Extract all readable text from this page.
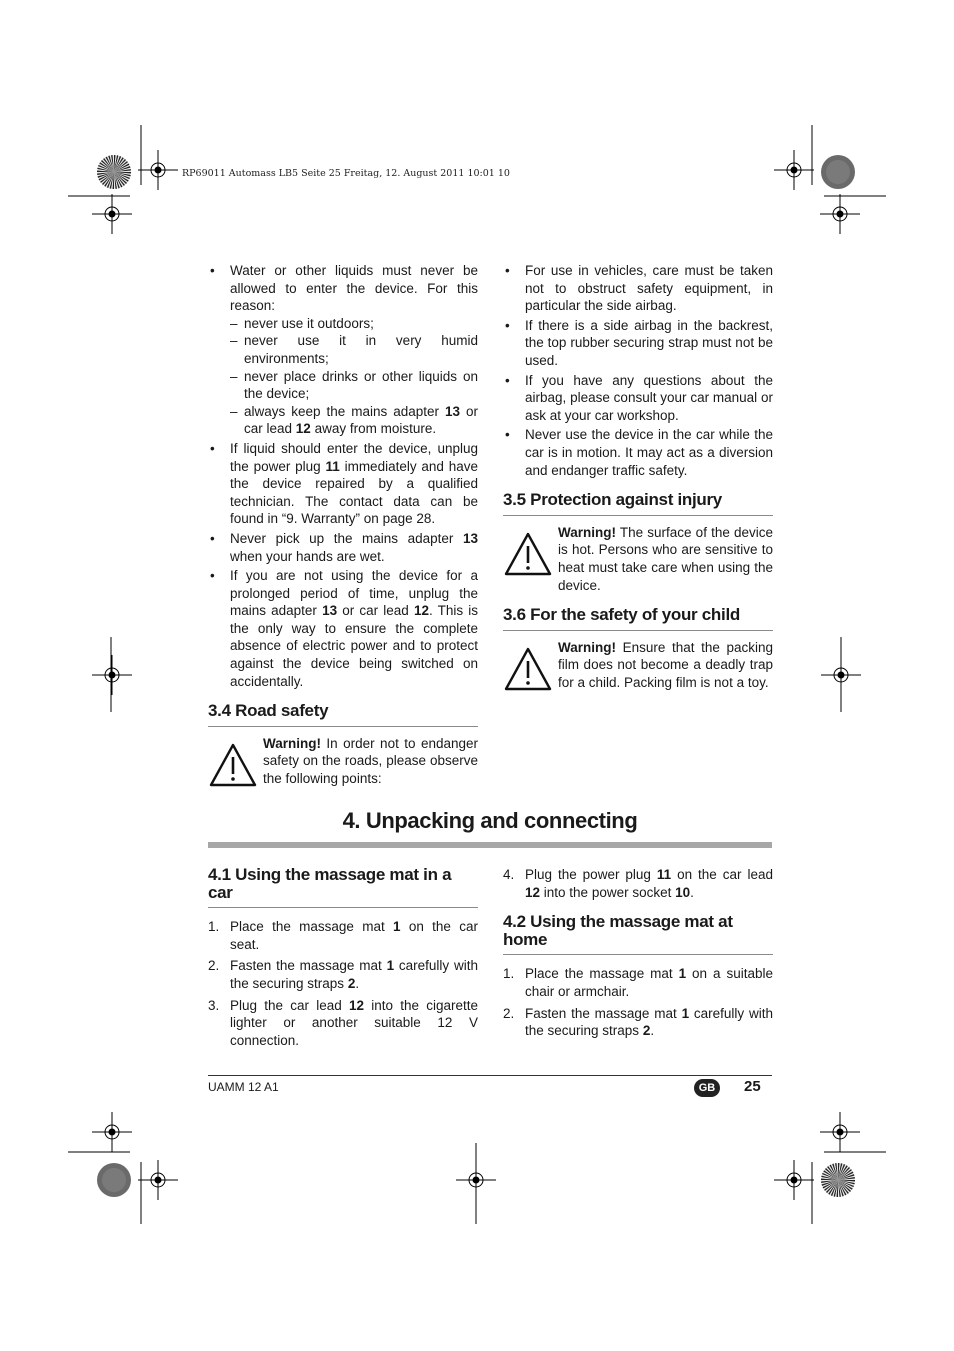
RP69011 Automass LB5 Seite 25 Freitag, 12. August 2011 10:01 10
• Water or other liquids must never be allowed to enter the device. For this reason:
– never use it outdoors;
– never use it in very humid environments;
– never place drinks or other liquids on the device;
– always keep the mains adapter 13 or car lead 12 away from moisture.
• If liquid should enter the device, unplug the power plug 11 immediately and have the device repaired by a qualified technician. The contact data can be found in “9. Warranty” on page 28.
• Never pick up the mains adapter 13 when your hands are wet.
• If you are not using the device for a prolonged period of time, unplug the mains adapter 13 or car lead 12. This is the only way to ensure the complete absence of electric power and to protect against the device being switched on accidentally.
3.4 Road safety
Warning! In order not to endanger safety on the roads, please observe the following points:
• For use in vehicles, care must be taken not to obstruct safety equipment, in particular the side airbag.
• If there is a side airbag in the backrest, the top rubber securing strap must not be used.
• If you have any questions about the airbag, please consult your car manual or ask at your car workshop.
• Never use the device in the car while the car is in motion. It may act as a diversion and endanger traffic safety.
3.5 Protection against injury
Warning! The surface of the device is hot. Persons who are sensitive to heat must take care when using the device.
3.6 For the safety of your child
Warning! Ensure that the packing film does not become a deadly trap for a child. Packing film is not a toy.
4. Unpacking and connecting
4.1 Using the massage mat in a car
1. Place the massage mat 1 on the car seat.
2. Fasten the massage mat 1 carefully with the securing straps 2.
3. Plug the car lead 12 into the cigarette lighter or another suitable 12 V connection.
4. Plug the power plug 11 on the car lead 12 into the power socket 10.
4.2 Using the massage mat at home
1. Place the massage mat 1 on a suitable chair or armchair.
2. Fasten the massage mat 1 carefully with the securing straps 2.
UAMM 12 A1	GB	25
